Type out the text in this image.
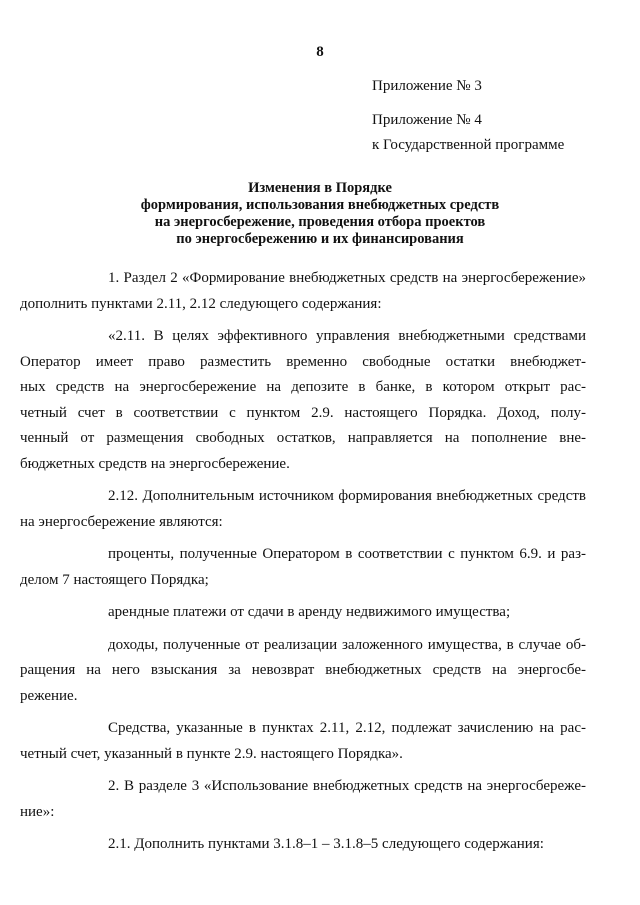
8
Приложение № 3
Приложение № 4
к Государственной программе
Изменения в Порядке
формирования, использования внебюджетных средств
на энергосбережение, проведения отбора проектов
по энергосбережению и их финансирования
1. Раздел 2 «Формирование внебюджетных средств на энергосбережение»
дополнить пунктами 2.11, 2.12 следующего содержания:
«2.11. В целях эффективного управления внебюджетными средствами
Оператор имеет право разместить временно свободные остатки внебюджет-
ных средств на энергосбережение на депозите в банке, в котором открыт рас-
четный счет в соответствии с пунктом 2.9. настоящего Порядка. Доход, полу-
ченный от размещения свободных остатков, направляется на пополнение вне-
бюджетных средств на энергосбережение.
2.12. Дополнительным источником формирования внебюджетных средств
на энергосбережение являются:
проценты, полученные Оператором в соответствии с пунктом 6.9. и раз-
делом 7 настоящего Порядка;
арендные платежи от сдачи в аренду недвижимого имущества;
доходы, полученные от реализации заложенного имущества, в случае об-
ращения на него взыскания за невозврат внебюджетных средств на энергосбе-
режение.
Средства, указанные в пунктах 2.11, 2.12, подлежат зачислению на рас-
четный счет, указанный в пункте 2.9. настоящего Порядка».
2. В разделе 3 «Использование внебюджетных средств на энергосбереже-
ние»:
2.1. Дополнить пунктами 3.1.8–1 – 3.1.8–5 следующего содержания:
